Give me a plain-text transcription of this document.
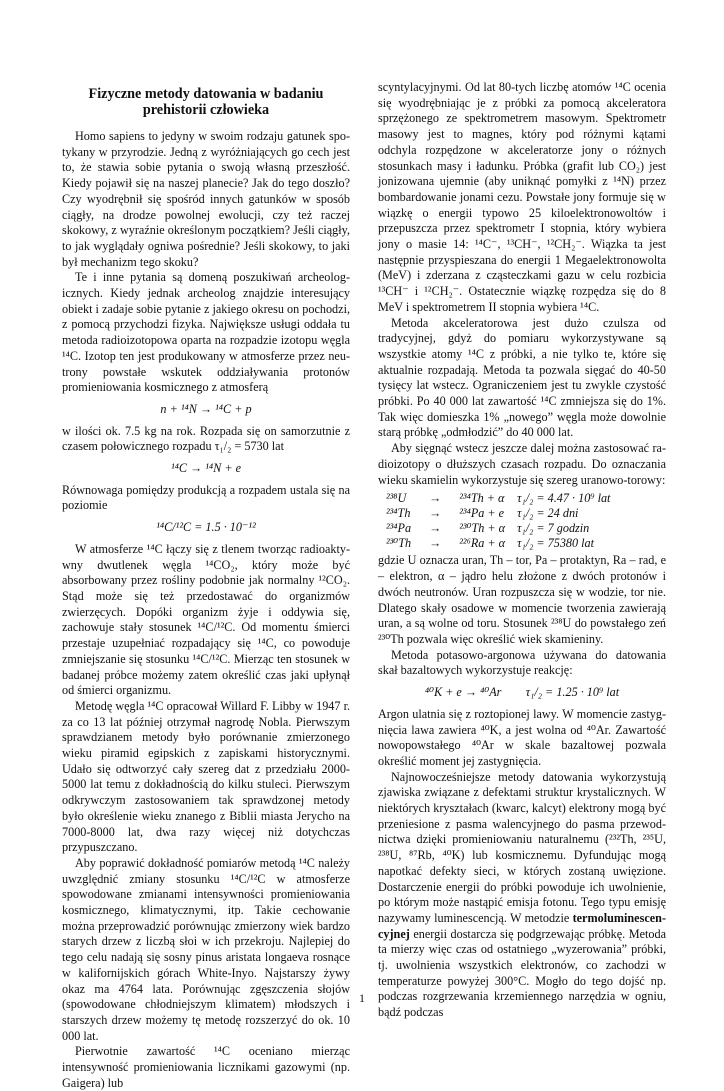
Fizyczne metody datowania w badaniu prehistorii człowieka

Homo sapiens to jedyny w swoim rodzaju gatunek spotykany w przyrodzie. Jedną z wyróżniających go cech jest to, że stawia sobie pytania o swoją własną przeszłość. Kiedy pojawił się na naszej planecie? Jak do tego doszło? Czy wyodrębnił się spośród innych gatunków w sposób ciągły, na drodze powolnej ewolucji, czy też raczej skokowy, z wyraźnie określonym początkiem? Jeśli ciągły, to jak wyglądały ogniwa pośrednie? Jeśli skokowy, to jaki był mechanizm tego skoku?

Te i inne pytania są domeną poszukiwań archeologicznych. Kiedy jednak archeolog znajdzie interesujący obiekt i zadaje sobie pytanie z jakiego okresu on pochodzi, z pomocą przychodzi fizyka. Największe usługi oddała tu metoda radioizotopowa oparta na rozpadzie izotopu węgla ¹⁴C. Izotop ten jest produkowany w atmosferze przez neutrony powstałe wskutek oddziaływania protonów promieniowania kosmicznego z atmosferą

n + ¹⁴N → ¹⁴C + p

w ilości ok. 7.5 kg na rok. Rozpada się on samorzutnie z czasem połowicznego rozpadu τ₁/₂ = 5730 lat

¹⁴C → ¹⁴N + e

Równowaga pomiędzy produkcją a rozpadem ustala się na poziomie

¹⁴C/¹²C = 1.5 · 10⁻¹²

W atmosferze ¹⁴C łączy się z tlenem tworząc radioaktywny dwutlenek węgla ¹⁴CO₂, który może być absorbowany przez rośliny podobnie jak normalny ¹²CO₂. Stąd może się też przedostawać do organizmów zwierzęcych. Dopóki organizm żyje i oddywia się, zachowuje stały stosunek ¹⁴C/¹²C. Od momentu śmierci przestaje uzupełniać rozpadający się ¹⁴C, co powoduje zmniejszanie się stosunku ¹⁴C/¹²C. Mierząc ten stosunek w badanej próbce możemy zatem określić czas jaki upłynął od śmierci organizmu.

Metodę węgla ¹⁴C opracował Willard F. Libby w 1947 r. za co 13 lat później otrzymał nagrodę Nobla. Pierwszym sprawdzianem metody było porównanie zmierzonego wieku piramid egipskich z zapiskami historycznymi. Udało się odtworzyć cały szereg dat z przedziału 2000-5000 lat temu z dokładnością do kilku stuleci. Pierwszym odkrywczym zastosowaniem tak sprawdzonej metody było określenie wieku znanego z Biblii miasta Jerycho na 7000-8000 lat, dwa razy więcej niż dotychczas przypuszczano.

Aby poprawić dokładność pomiarów metodą ¹⁴C należy uwzględnić zmiany stosunku ¹⁴C/¹²C w atmosferze spowodowane zmianami intensywności promieniowania kosmicznego, klimatycznymi, itp. Takie cechowanie można przeprowadzić porównując zmierzony wiek bardzo starych drzew z liczbą słoi w ich przekroju. Najlepiej do tego celu nadają się sosny pinus aristata longaeva rosnące w kalifornijskich górach White-Inyo. Najstarszy żywy okaz ma 4764 lata. Porównując zgęszczenia słojów (spowodowane chłodniejszym klimatem) młodszych i starszych drzew możemy tę metodę rozszerzyć do ok. 10 000 lat.

Pierwotnie zawartość ¹⁴C oceniano mierząc intensywność promieniowania licznikami gazowymi (np. Gaigera) lub

scyntylacyjnymi. Od lat 80-tych liczbę atomów ¹⁴C ocenia się wyodrębniając je z próbki za pomocą akceleratora sprzężonego ze spektrometrem masowym. Spektrometr masowy jest to magnes, który pod różnymi kątami odchyla rozpędzone w akceleratorze jony o różnych stosunkach masy i ładunku. Próbka (grafit lub CO₂) jest jonizowana ujemnie (aby uniknąć pomyłki z ¹⁴N) przez bombardowanie jonami cezu. Powstałe jony formuje się w wiązkę o energii typowo 25 kiloelektronowoltów i przepuszcza przez spektrometr I stopnia, który wybiera jony o masie 14: ¹⁴C⁻, ¹³CH⁻, ¹²CH₂⁻. Wiązka ta jest następnie przyspieszana do energii 1 Megaelektronowolta (MeV) i zderzana z cząsteczkami gazu w celu rozbicia ¹³CH⁻ i ¹²CH₂⁻. Ostatecznie wiązkę rozpędza się do 8 MeV i spektrometrem II stopnia wybiera ¹⁴C.

Metoda akceleratorowa jest dużo czulsza od tradycyjnej, gdyż do pomiaru wykorzystywane są wszystkie atomy ¹⁴C z próbki, a nie tylko te, które się aktualnie rozpadają. Metoda ta pozwala sięgać do 40-50 tysięcy lat wstecz. Ograniczeniem jest tu zwykle czystość próbki. Po 40 000 lat zawartość ¹⁴C zmniejsza się do 1%. Tak więc domieszka 1% „nowego” węgla może dowolnie starą próbkę „odmłodzić” do 40 000 lat.

Aby sięgnąć wstecz jeszcze dalej można zastosować radioizotopy o dłuższych czasach rozpadu. Do oznaczania wieku skamielin wykorzystuje się szereg uranowo-torowy:

²³⁸U	→	²³⁴Th + α	τ₁/₂ = 4.47 · 10⁹ lat
²³⁴Th	→	²³⁴Pa + e	τ₁/₂ = 24 dni
²³⁴Pa	→	²³⁰Th + α	τ₁/₂ = 7 godzin
²³⁰Th	→	²²⁶Ra + α	τ₁/₂ = 75380 lat

gdzie U oznacza uran, Th – tor, Pa – protaktyn, Ra – rad, e – elektron, α – jądro helu złożone z dwóch protonów i dwóch neutronów. Uran rozpuszcza się w wodzie, tor nie. Dlatego skały osadowe w momencie tworzenia zawierają uran, a są wolne od toru. Stosunek ²³⁸U do powstałego zeń ²³⁰Th pozwala więc określić wiek skamieniny.

Metoda potasowo-argonowa używana do datowania skał bazaltowych wykorzystuje reakcję:

⁴⁰K + e → ⁴⁰Ar        τ₁/₂ = 1.25 · 10⁹ lat

Argon ulatnia się z roztopionej lawy. W momencie zastygnięcia lawa zawiera ⁴⁰K, a jest wolna od ⁴⁰Ar. Zawartość nowopowstałego ⁴⁰Ar w skale bazaltowej pozwala określić moment jej zastygnięcia.

Najnowocześniejsze metody datowania wykorzystują zjawiska związane z defektami struktur krystalicznych. W niektórych kryształach (kwarc, kalcyt) elektrony mogą być przeniesione z pasma walencyjnego do pasma przewodnictwa dzięki promieniowaniu naturalnemu (²³²Th, ²³⁵U, ²³⁸U, ⁸⁷Rb, ⁴⁰K) lub kosmicznemu. Dyfundując mogą napotkać defekty sieci, w których zostaną uwięzione. Dostarczenie energii do próbki powoduje ich uwolnienie, po którym może nastąpić emisja fotonu. Tego typu emisję nazywamy luminescencją. W metodzie termoluminescencyjnej energii dostarcza się podgrzewając próbkę. Metoda ta mierzy więc czas od ostatniego „wyzerowania” próbki, tj. uwolnienia wszystkich elektronów, co zachodzi w temperaturze powyżej 300°C. Mogło do tego dojść np. podczas rozgrzewania krzemiennego narzędzia w ogniu, bądź podczas

1
